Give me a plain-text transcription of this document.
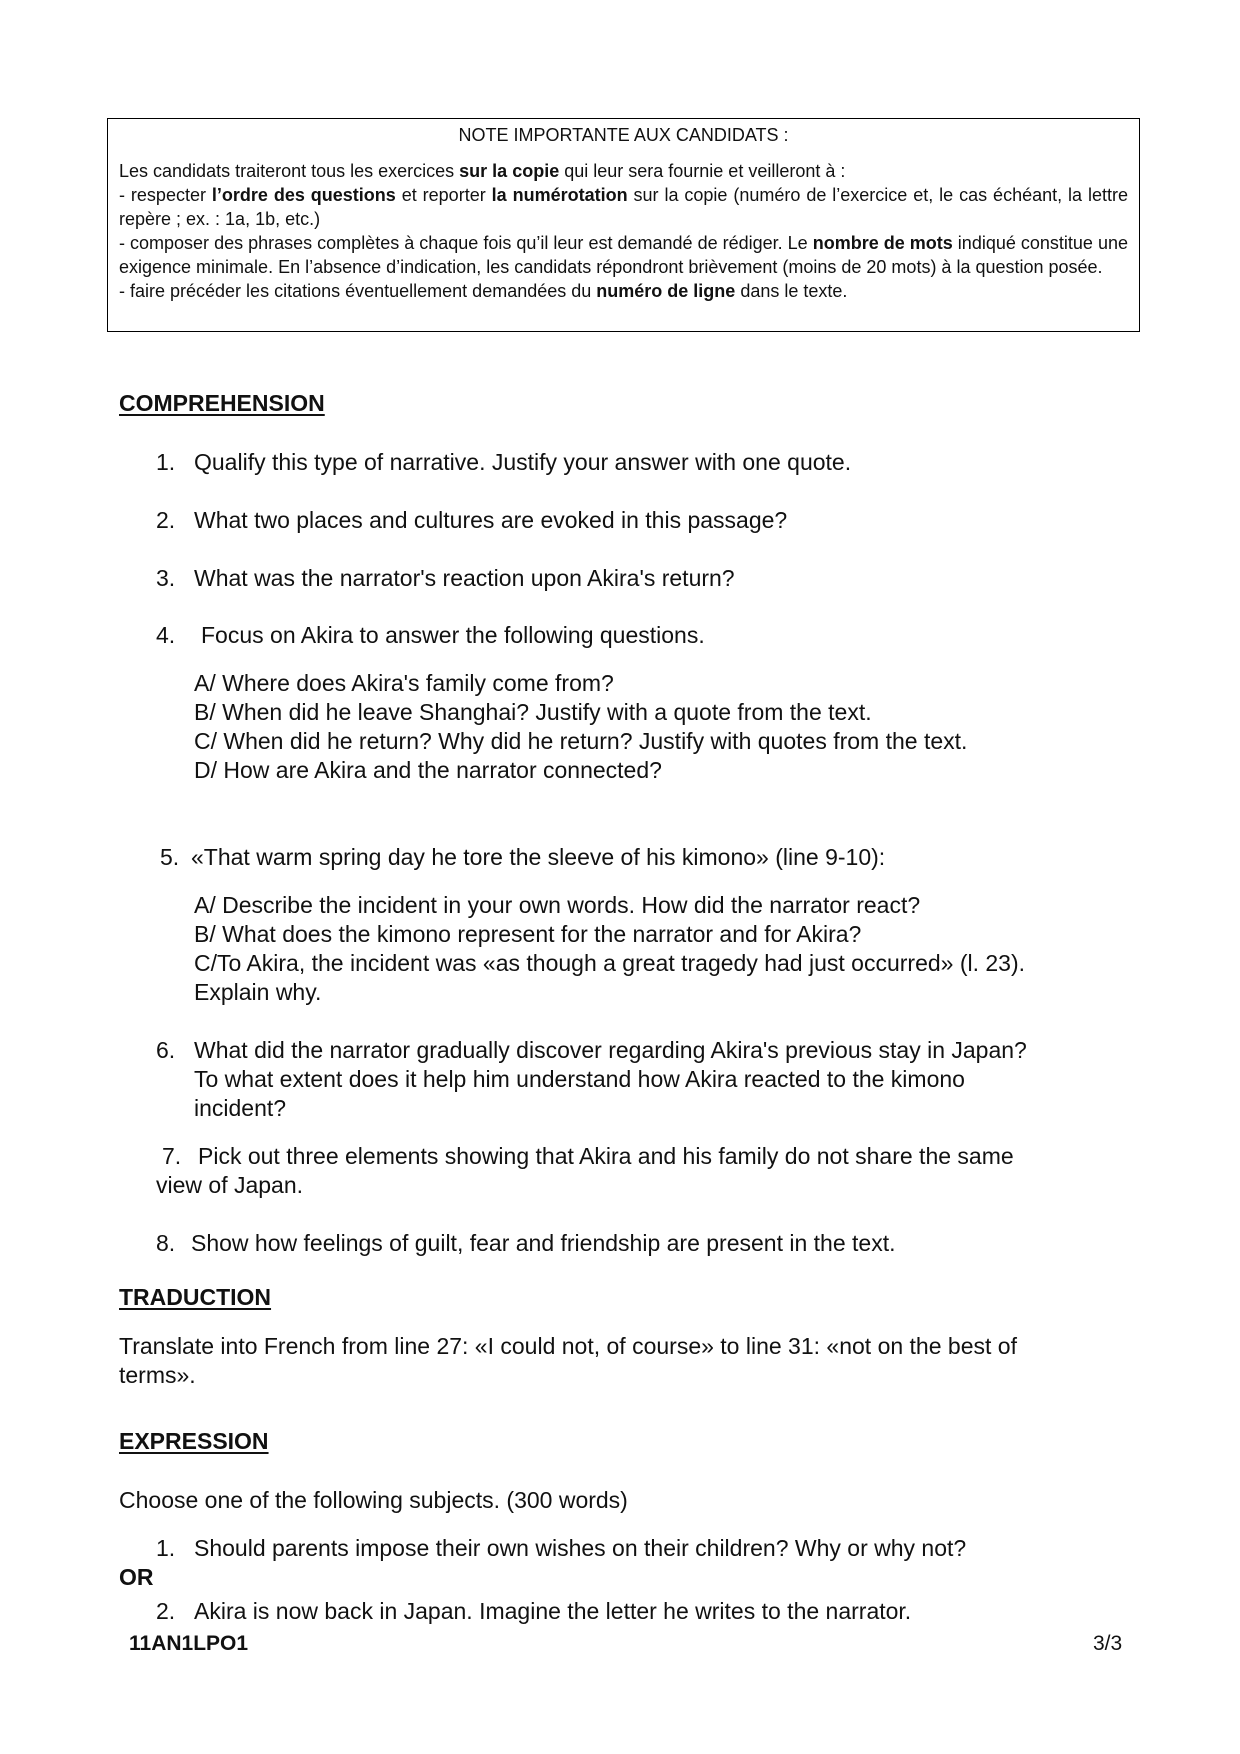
NOTE IMPORTANTE AUX CANDIDATS :
Les candidats traiteront tous les exercices sur la copie qui leur sera fournie et veilleront à :
- respecter l’ordre des questions et reporter la numérotation sur la copie (numéro de l’exercice et, le cas échéant, la lettre repère ; ex. : 1a, 1b, etc.)
- composer des phrases complètes à chaque fois qu’il leur est demandé de rédiger. Le nombre de mots indiqué constitue une exigence minimale. En l’absence d’indication, les candidats répondront brièvement (moins de 20 mots) à la question posée.
- faire précéder les citations éventuellement demandées du numéro de ligne dans le texte.
COMPREHENSION
1. Qualify this type of narrative. Justify your answer with one quote.
2. What two places and cultures are evoked in this passage?
3. What was the narrator's reaction upon Akira's return?
4. Focus on Akira to answer the following questions.
A/ Where does Akira's family come from?
B/ When did he leave Shanghai? Justify with a quote from the text.
C/ When did he return? Why did he return? Justify with quotes from the text.
D/ How are Akira and the narrator connected?
5. «That warm spring day he tore the sleeve of his kimono» (line 9-10):
A/ Describe the incident in your own words. How did the narrator react?
B/ What does the kimono represent for the narrator and for Akira?
C/To Akira, the incident was «as though a great tragedy had just occurred» (l. 23).
Explain why.
6. What did the narrator gradually discover regarding Akira's previous stay in Japan?
To what extent does it help him understand how Akira reacted to the kimono
incident?
7. Pick out three elements showing that Akira and his family do not share the same
view of Japan.
8. Show how feelings of guilt, fear and friendship are present in the text.
TRADUCTION
Translate into French from line 27: «I could not, of course» to line 31: «not on the best of
terms».
EXPRESSION
Choose one of the following subjects. (300 words)
1. Should parents impose their own wishes on their children? Why or why not?
OR
2. Akira is now back in Japan. Imagine the letter he writes to the narrator.
11AN1LPO1	3/3
